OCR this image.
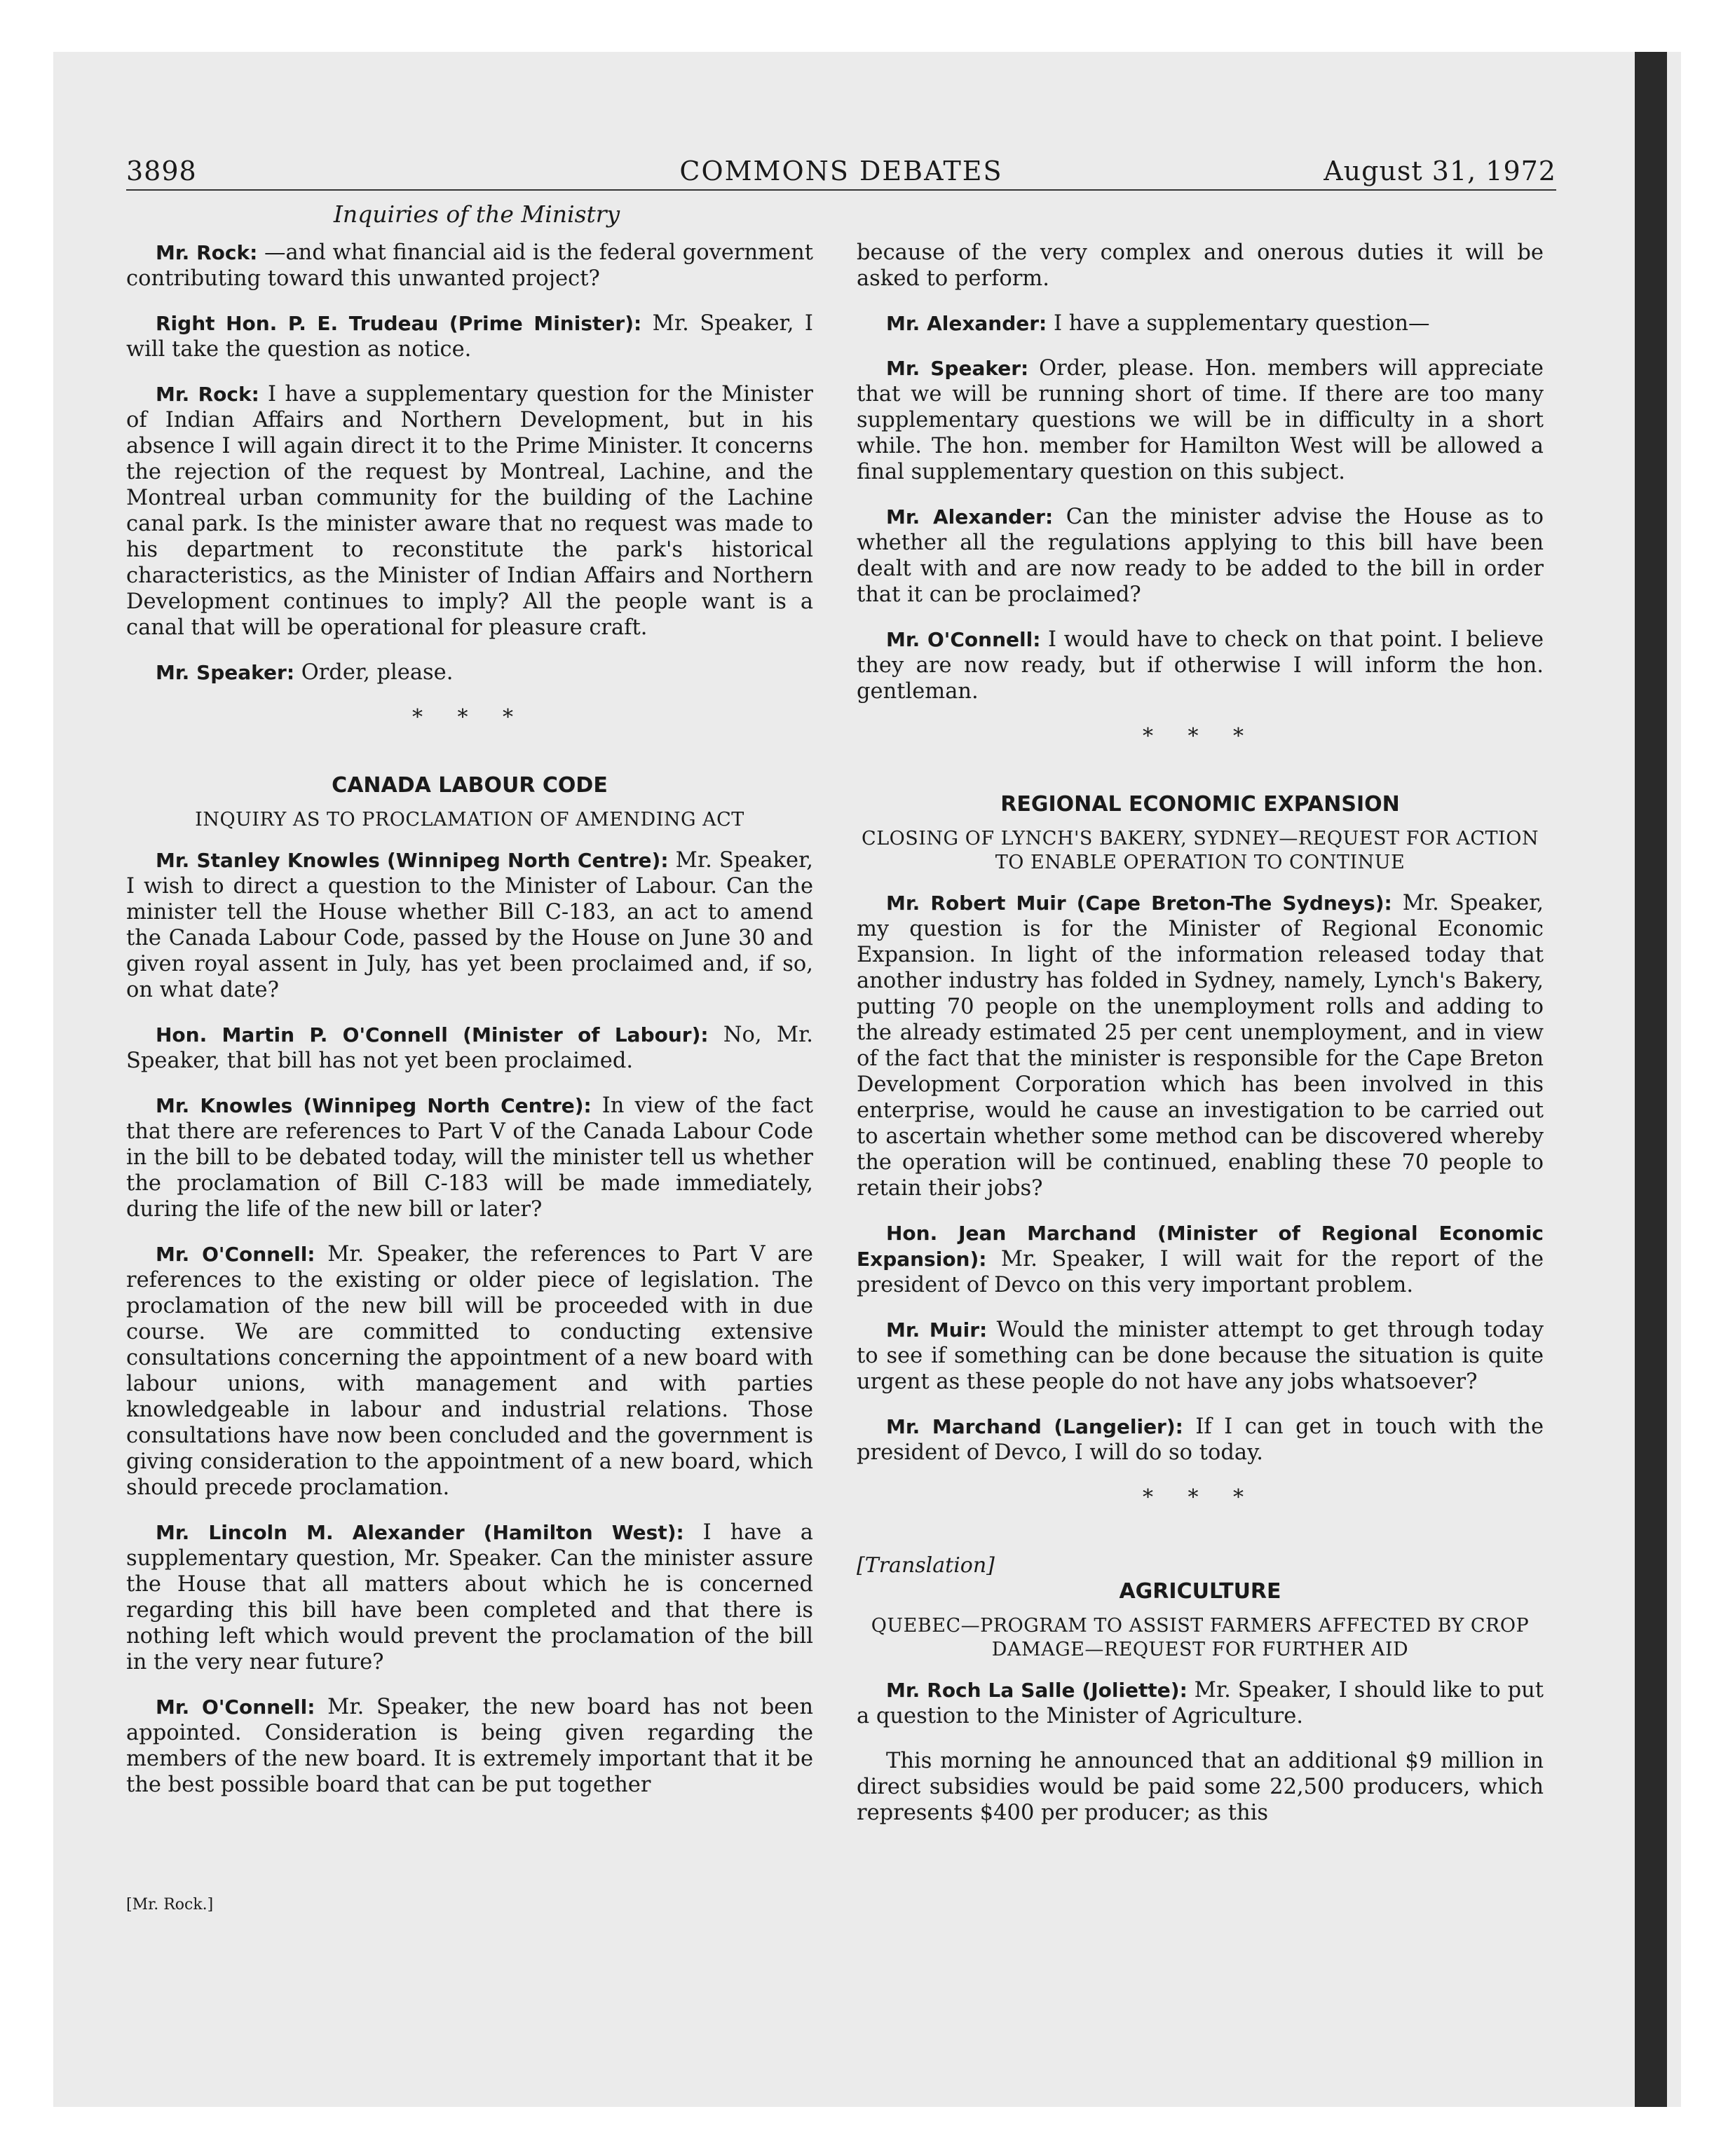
3898	COMMONS DEBATES	August 31, 1972
Inquiries of the Ministry

Mr. Rock: —and what financial aid is the federal government contributing toward this unwanted project?

Right Hon. P. E. Trudeau (Prime Minister): Mr. Speaker, I will take the question as notice.

Mr. Rock: I have a supplementary question for the Minister of Indian Affairs and Northern Development, but in his absence I will again direct it to the Prime Minister. It concerns the rejection of the request by Montreal, Lachine, and the Montreal urban community for the building of the Lachine canal park. Is the minister aware that no request was made to his department to reconstitute the park's historical characteristics, as the Minister of Indian Affairs and Northern Development continues to imply? All the people want is a canal that will be operational for pleasure craft.

Mr. Speaker: Order, please.

* * *
CANADA LABOUR CODE
INQUIRY AS TO PROCLAMATION OF AMENDING ACT

Mr. Stanley Knowles (Winnipeg North Centre): Mr. Speaker, I wish to direct a question to the Minister of Labour. Can the minister tell the House whether Bill C-183, an act to amend the Canada Labour Code, passed by the House on June 30 and given royal assent in July, has yet been proclaimed and, if so, on what date?

Hon. Martin P. O'Connell (Minister of Labour): No, Mr. Speaker, that bill has not yet been proclaimed.

Mr. Knowles (Winnipeg North Centre): In view of the fact that there are references to Part V of the Canada Labour Code in the bill to be debated today, will the minister tell us whether the proclamation of Bill C-183 will be made immediately, during the life of the new bill or later?

Mr. O'Connell: Mr. Speaker, the references to Part V are references to the existing or older piece of legislation. The proclamation of the new bill will be proceeded with in due course. We are committed to conducting extensive consultations concerning the appointment of a new board with labour unions, with management and with parties knowledgeable in labour and industrial relations. Those consultations have now been concluded and the government is giving consideration to the appointment of a new board, which should precede proclamation.

Mr. Lincoln M. Alexander (Hamilton West): I have a supplementary question, Mr. Speaker. Can the minister assure the House that all matters about which he is concerned regarding this bill have been completed and that there is nothing left which would prevent the proclamation of the bill in the very near future?

Mr. O'Connell: Mr. Speaker, the new board has not been appointed. Consideration is being given regarding the members of the new board. It is extremely important that it be the best possible board that can be put together

because of the very complex and onerous duties it will be asked to perform.

Mr. Alexander: I have a supplementary question—

Mr. Speaker: Order, please. Hon. members will appreciate that we will be running short of time. If there are too many supplementary questions we will be in difficulty in a short while. The hon. member for Hamilton West will be allowed a final supplementary question on this subject.

Mr. Alexander: Can the minister advise the House as to whether all the regulations applying to this bill have been dealt with and are now ready to be added to the bill in order that it can be proclaimed?

Mr. O'Connell: I would have to check on that point. I believe they are now ready, but if otherwise I will inform the hon. gentleman.

* * *
REGIONAL ECONOMIC EXPANSION
CLOSING OF LYNCH'S BAKERY, SYDNEY—REQUEST FOR ACTION TO ENABLE OPERATION TO CONTINUE

Mr. Robert Muir (Cape Breton-The Sydneys): Mr. Speaker, my question is for the Minister of Regional Economic Expansion. In light of the information released today that another industry has folded in Sydney, namely, Lynch's Bakery, putting 70 people on the unemployment rolls and adding to the already estimated 25 per cent unemployment, and in view of the fact that the minister is responsible for the Cape Breton Development Corporation which has been involved in this enterprise, would he cause an investigation to be carried out to ascertain whether some method can be discovered whereby the operation will be continued, enabling these 70 people to retain their jobs?

Hon. Jean Marchand (Minister of Regional Economic Expansion): Mr. Speaker, I will wait for the report of the president of Devco on this very important problem.

Mr. Muir: Would the minister attempt to get through today to see if something can be done because the situation is quite urgent as these people do not have any jobs whatsoever?

Mr. Marchand (Langelier): If I can get in touch with the president of Devco, I will do so today.

* * *
[Translation]
AGRICULTURE
QUEBEC—PROGRAM TO ASSIST FARMERS AFFECTED BY CROP DAMAGE—REQUEST FOR FURTHER AID

Mr. Roch La Salle (Joliette): Mr. Speaker, I should like to put a question to the Minister of Agriculture.

This morning he announced that an additional $9 million in direct subsidies would be paid some 22,500 producers, which represents $400 per producer; as this

[Mr. Rock.]
